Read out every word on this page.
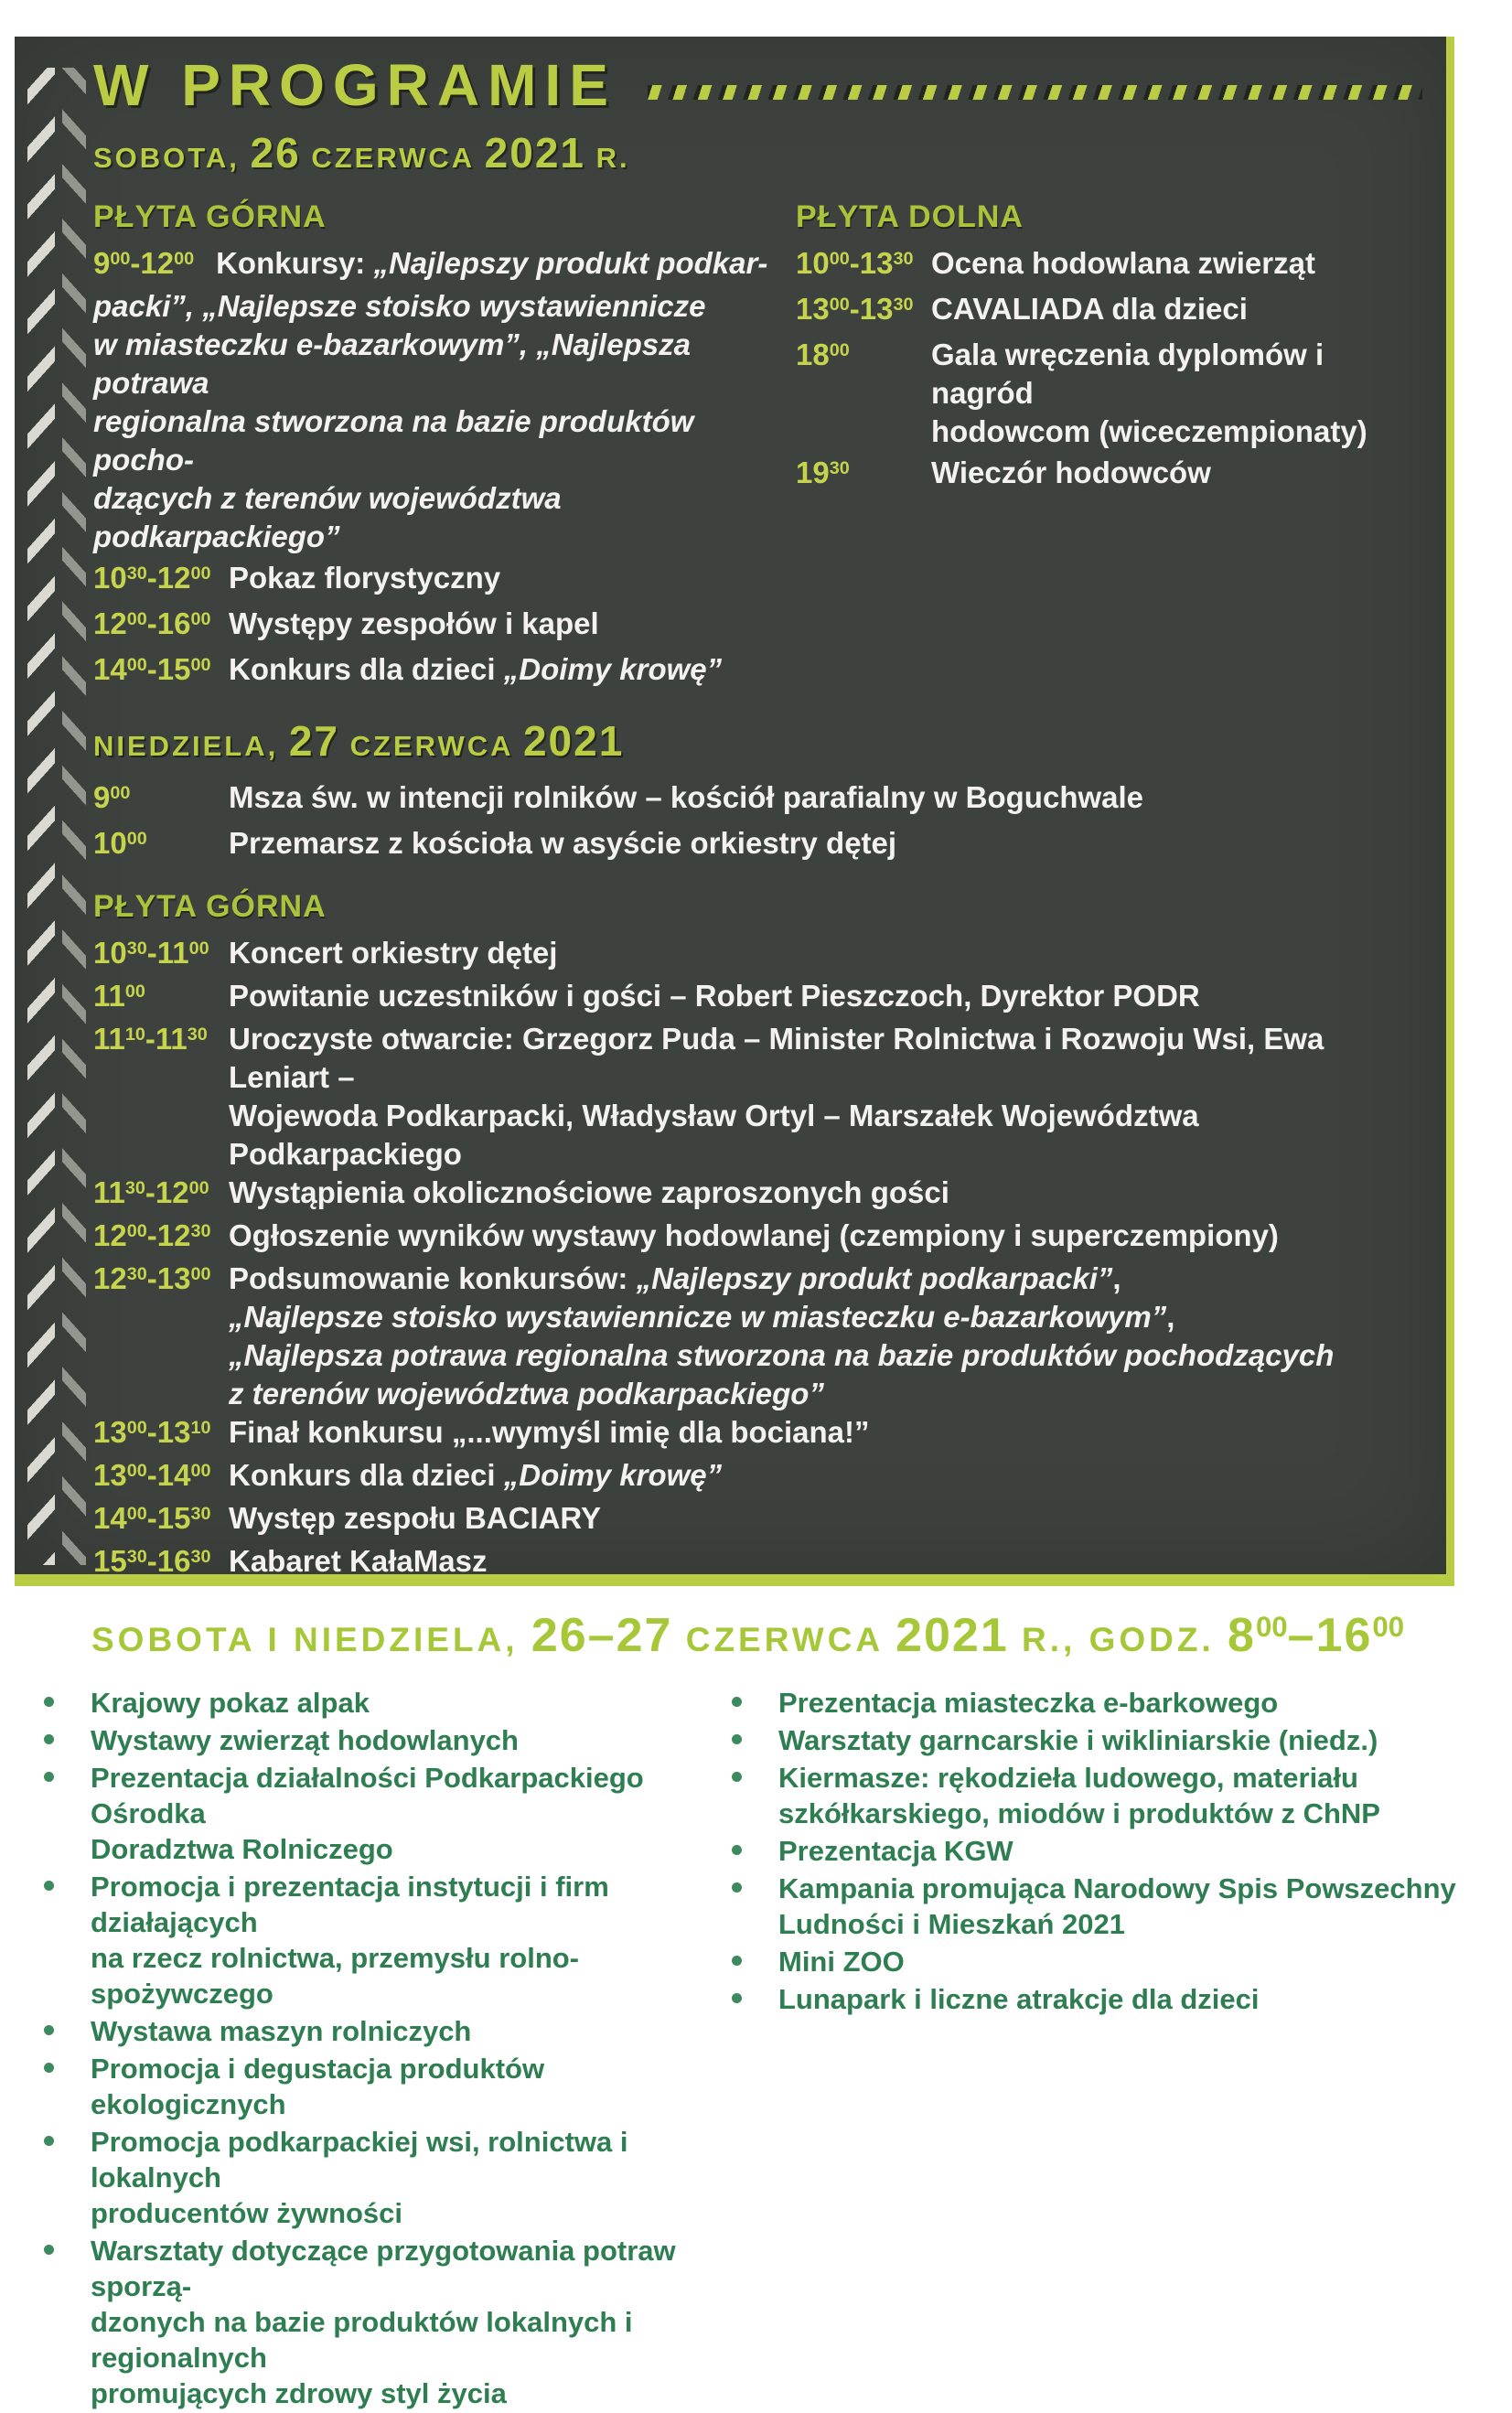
W PROGRAMIE
SOBOTA, 26 CZERWCA 2021 R.
PŁYTA GÓRNA
$9^{00}-12^{00}$ Konkursy: „Najlepszy produkt podkar-
packi”, „Najlepsze stoisko wystawiennicze
w miasteczku e-bazarkowym”, „Najlepsza potrawa
regionalna stworzona na bazie produktów pocho-
dzących z terenów województwa podkarpackiego”
$10^{30}-12^{00}$ Pokaz florystyczny
$12^{00}-16^{00}$ Występy zespołów i kapel
$14^{00}-15^{00}$ Konkurs dla dzieci „Doimy krowę”
PŁYTA DOLNA
$10^{00}-13^{30}$ Ocena hodowlana zwierząt
$13^{00}-13^{30}$ CAVALIADA dla dzieci
$18^{00}$	Gala wręczenia dyplomów i nagród
hodowcom (wiceczempionaty)
$19^{30}$	Wieczór hodowców
NIEDZIELA, 27 CZERWCA 2021
$9^{00}$	Msza św. w intencji rolników – kościół parafialny w Boguchwale
$10^{00}$	Przemarsz z kościoła w asyście orkiestry dętej
PŁYTA GÓRNA
$10^{30}-11^{00}$ Koncert orkiestry dętej
$11^{00}$	Powitanie uczestników i gości – Robert Pieszczoch, Dyrektor PODR
$11^{10}-11^{30}$ Uroczyste otwarcie: Grzegorz Puda – Minister Rolnictwa i Rozwoju Wsi, Ewa Leniart –
Wojewoda Podkarpacki, Władysław Ortyl – Marszałek Województwa Podkarpackiego
$11^{30}-12^{00}$ Wystąpienia okolicznościowe zaproszonych gości
$12^{00}-12^{30}$ Ogłoszenie wyników wystawy hodowlanej (czempiony i superczempiony)
$12^{30}-13^{00}$ Podsumowanie konkursów: „Najlepszy produkt podkarpacki”,
„Najlepsze stoisko wystawiennicze w miasteczku e-bazarkowym”,
„Najlepsza potrawa regionalna stworzona na bazie produktów pochodzących
z terenów województwa podkarpackiego”
$13^{00}-13^{10}$ Finał konkursu „...wymyśl imię dla bociana!”
$13^{00}-14^{00}$ Konkurs dla dzieci „Doimy krowę”
$14^{00}-15^{30}$ Występ zespołu BACIARY
$15^{30}-16^{30}$ Kabaret KałaMasz

SOBOTA I NIEDZIELA, 26–27 CZERWCA 2021 R., GODZ. $8^{00}-16^{00}$
Krajowy pokaz alpak
Wystawy zwierząt hodowlanych
Prezentacja działalności Podkarpackiego Ośrodka
Doradztwa Rolniczego
Promocja i prezentacja instytucji i firm działających
na rzecz rolnictwa, przemysłu rolno-spożywczego
Wystawa maszyn rolniczych
Promocja i degustacja produktów ekologicznych
Promocja podkarpackiej wsi, rolnictwa i lokalnych
producentów żywności
Warsztaty dotyczące przygotowania potraw sporzą-
dzonych na bazie produktów lokalnych i regionalnych
promujących zdrowy styl życia
Prezentacja miasteczka e-barkowego
Warsztaty garncarskie i wikliniarskie (niedz.)
Kiermasze: rękodzieła ludowego, materiału
szkółkarskiego, miodów i produktów z ChNP
Prezentacja KGW
Kampania promująca Narodowy Spis Powszechny
Ludności i Mieszkań 2021
Mini ZOO
Lunapark i liczne atrakcje dla dzieci
